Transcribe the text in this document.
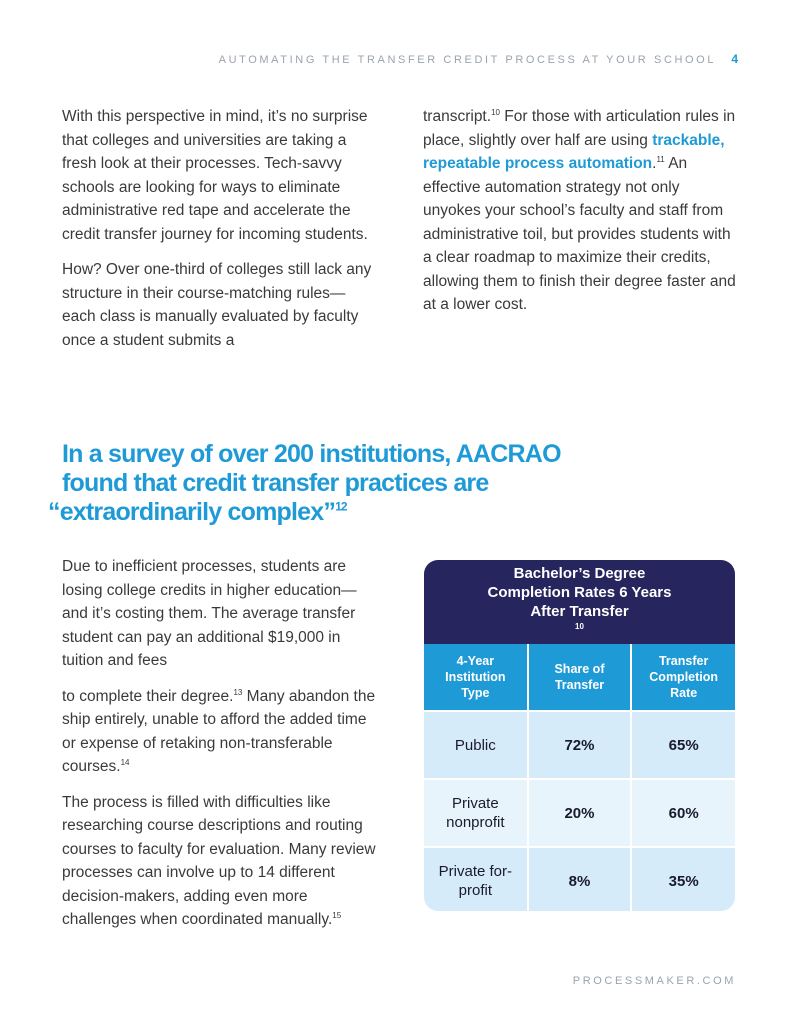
AUTOMATING THE TRANSFER CREDIT PROCESS AT YOUR SCHOOL 4

With this perspective in mind, it’s no surprise that colleges and universities are taking a fresh look at their processes. Tech-savvy schools are looking for ways to eliminate administrative red tape and accelerate the credit transfer journey for incoming students.

How? Over one-third of colleges still lack any structure in their course-matching rules—each class is manually evaluated by faculty once a student submits a

transcript.$^{10}$ For those with articulation rules in place, slightly over half are using trackable, repeatable process automation.$^{11}$ An effective automation strategy not only unyokes your school’s faculty and staff from administrative toil, but provides students with a clear roadmap to maximize their credits, allowing them to finish their degree faster and at a lower cost.

In a survey of over 200 institutions, AACRAO
found that credit transfer practices are
“extraordinarily complex”$^{12}$

Due to inefficient processes, students are losing college credits in higher education—and it’s costing them. The average transfer student can pay an additional $19,000 in tuition and fees

to complete their degree.$^{13}$ Many abandon the ship entirely, unable to afford the added time or expense of retaking non-transferable courses.$^{14}$

The process is filled with difficulties like researching course descriptions and routing courses to faculty for evaluation. Many review processes can involve up to 14 different decision-makers, adding even more challenges when coordinated manually.$^{15}$

Bachelor’s Degree
Completion Rates 6 Years
After Transfer
$^{10}$
4-Year Institution Type	Share of Transfer	Transfer Completion Rate
Public	72%	65%
Private nonprofit	20%	60%
Private for-profit	8%	35%
PROCESSMAKER.COM
